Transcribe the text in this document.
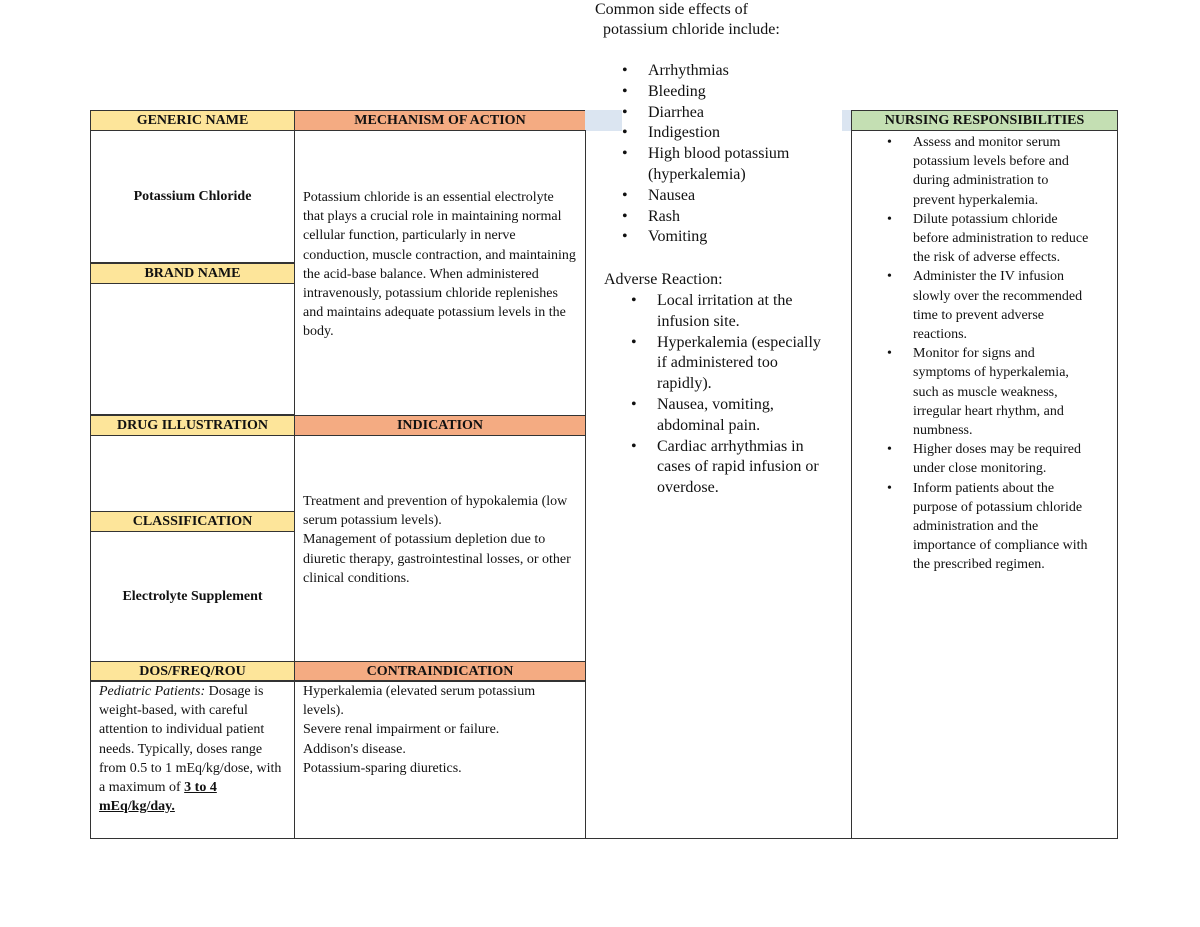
GENERIC NAME
Potassium Chloride
BRAND NAME
DRUG ILLUSTRATION
CLASSIFICATION
Electrolyte Supplement
DOS/FREQ/ROU
Pediatric Patients: Dosage is weight-based, with careful attention to individual patient needs. Typically, doses range from 0.5 to 1 mEq/kg/dose, with a maximum of 3 to 4 mEq/kg/day.
MECHANISM OF ACTION
Potassium chloride is an essential electrolyte that plays a crucial role in maintaining normal cellular function, particularly in nerve conduction, muscle contraction, and maintaining the acid-base balance. When administered intravenously, potassium chloride replenishes and maintains adequate potassium levels in the body.
INDICATION
Treatment and prevention of hypokalemia (low serum potassium levels).
Management of potassium depletion due to diuretic therapy, gastrointestinal losses, or other clinical conditions.
CONTRAINDICATION
Hyperkalemia (elevated serum potassium levels).
Severe renal impairment or failure.
Addison's disease.
Potassium-sparing diuretics.
Common side effects of
potassium chloride include:
• Arrhythmias
• Bleeding
• Diarrhea
• Indigestion
• High blood potassium (hyperkalemia)
• Nausea
• Rash
• Vomiting
Adverse Reaction:
• Local irritation at the infusion site.
• Hyperkalemia (especially if administered too rapidly).
• Nausea, vomiting, abdominal pain.
• Cardiac arrhythmias in cases of rapid infusion or overdose.
NURSING RESPONSIBILITIES
• Assess and monitor serum potassium levels before and during administration to prevent hyperkalemia.
• Dilute potassium chloride before administration to reduce the risk of adverse effects.
• Administer the IV infusion slowly over the recommended time to prevent adverse reactions.
• Monitor for signs and symptoms of hyperkalemia, such as muscle weakness, irregular heart rhythm, and numbness.
• Higher doses may be required under close monitoring.
• Inform patients about the purpose of potassium chloride administration and the importance of compliance with the prescribed regimen.
